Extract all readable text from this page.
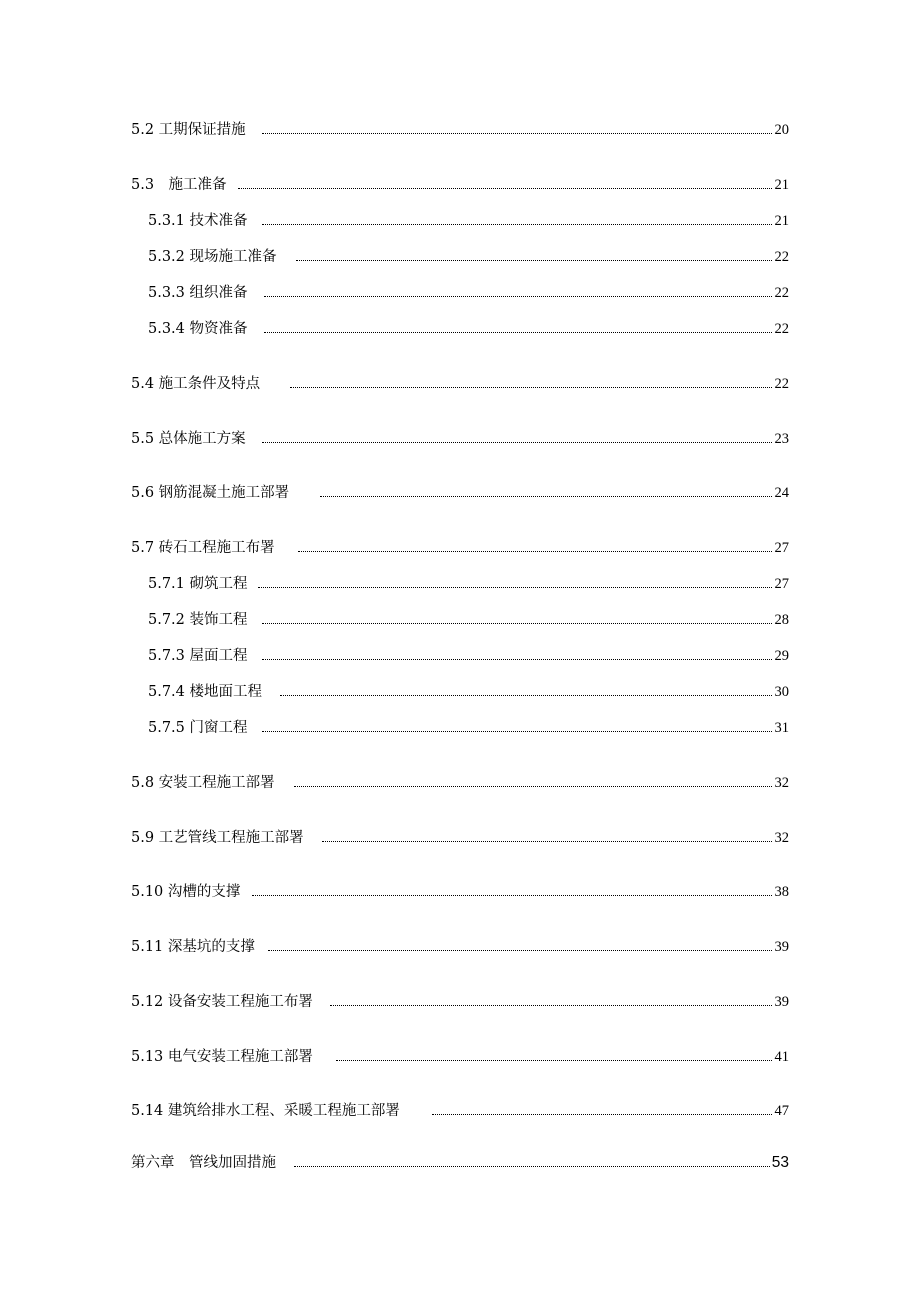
5.2 工期保证措施	20
5.3　施工准备	21
5.3.1 技术准备	21
5.3.2 现场施工准备	22
5.3.3 组织准备	22
5.3.4 物资准备	22
5.4 施工条件及特点	22
5.5 总体施工方案	23
5.6 钢筋混凝土施工部署	24
5.7 砖石工程施工布署	27
5.7.1 砌筑工程	27
5.7.2 装饰工程	28
5.7.3 屋面工程	29
5.7.4 楼地面工程	30
5.7.5 门窗工程	31
5.8 安装工程施工部署	32
5.9 工艺管线工程施工部署	32
5.10 沟槽的支撑	38
5.11 深基坑的支撑	39
5.12 设备安装工程施工布署	39
5.13 电气安装工程施工部署	41
5.14 建筑给排水工程、采暖工程施工部署	47
第六章　管线加固措施	53
